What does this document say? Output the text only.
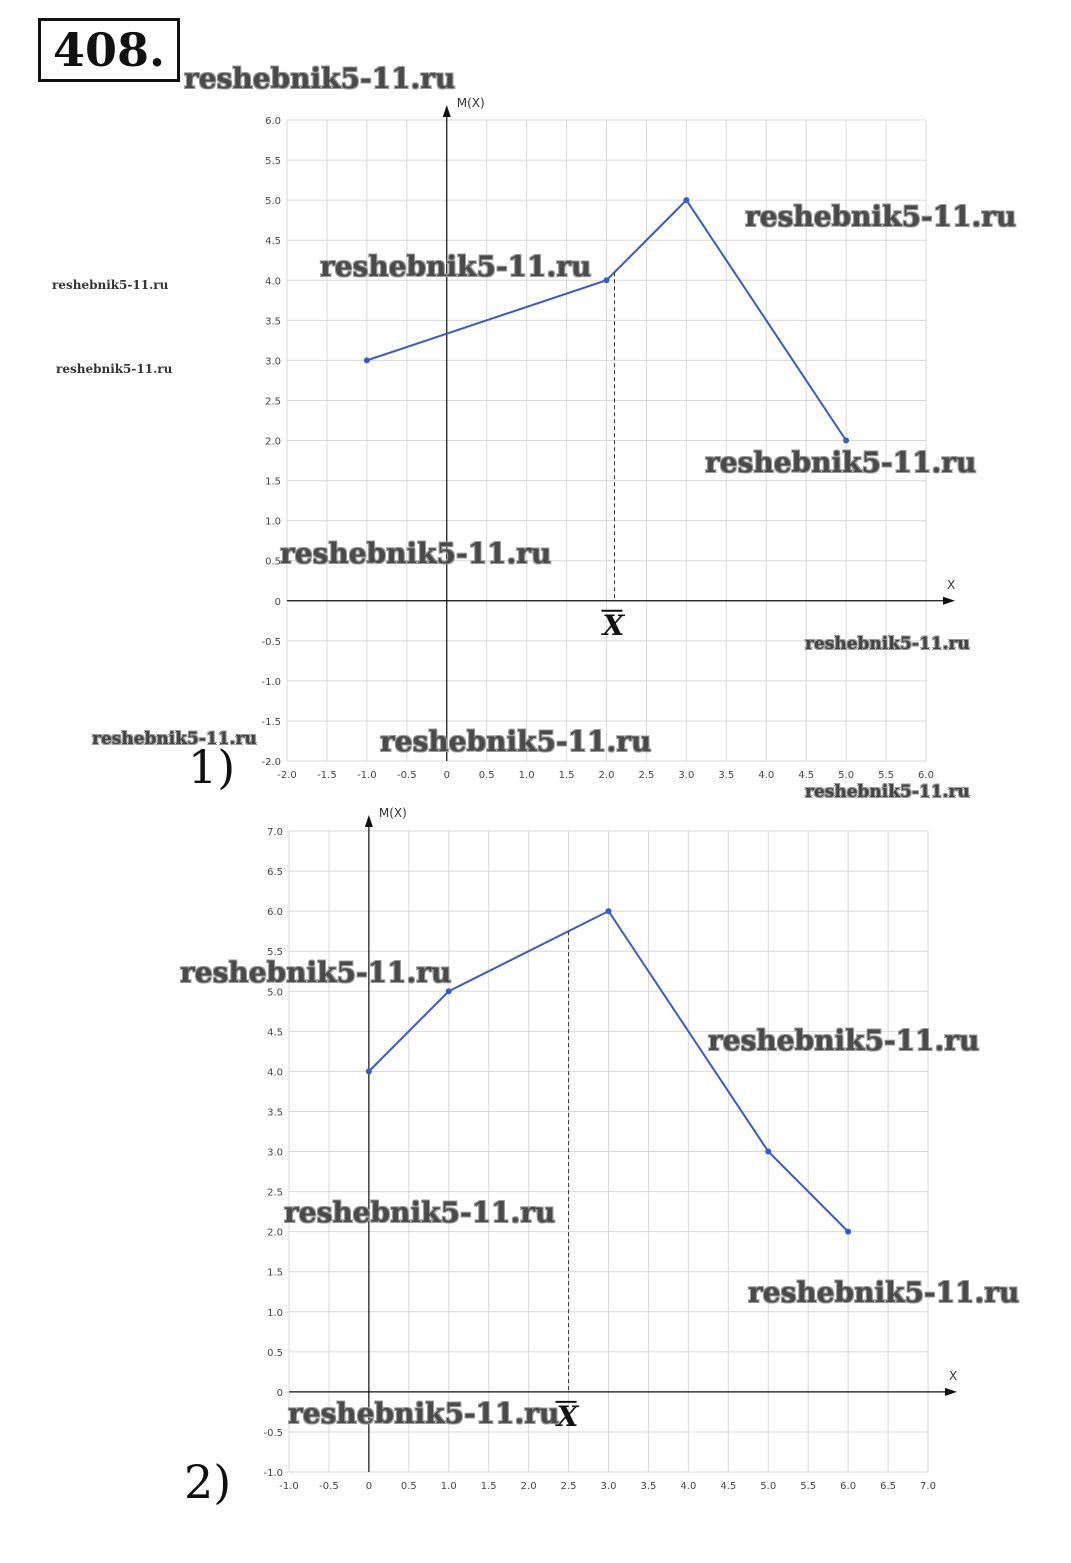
408.
-2.0 -1.5 -1.0 -0.5	0	0.5 1.0 1.5 2.0 2.5 3.0 3.5 4.0 4.5 5.0 5.5 6.0
6.0
5.5
5.0
4.5
4.0
3.5
3.0
2.5
2.0
1.5
1.0
0.5
0
-0.5
-1.0
-1.5
-2.0
X
M(X)
X
-1.0 -0.5	0	0.5 1.0 1.5 2.0 2.5 3.0 3.5 4.0 4.5 5.0 5.5 6.0 6.5 7.0
7.0
6.5
6.0
5.5
5.0
4.5
4.0
3.5
3.0
2.5
2.0
1.5
1.0
0.5
0
-0.5
-1.0
X
M(X)
X
1)
2)
reshebnik5-11.ru
reshebnik5-11.ru
reshebnik5-11.ru
reshebnik5-11.ru
reshebnik5-11.ru
reshebnik5-11.ru
reshebnik5-11.ru
reshebnik5-11.ru
reshebnik5-11.ru	reshebnik5-11.ru
reshebnik5-11.ru
reshebnik5-11.ru
reshebnik5-11.ru
reshebnik5-11.ru
reshebnik5-11.ru
reshebnik5-11.ru
